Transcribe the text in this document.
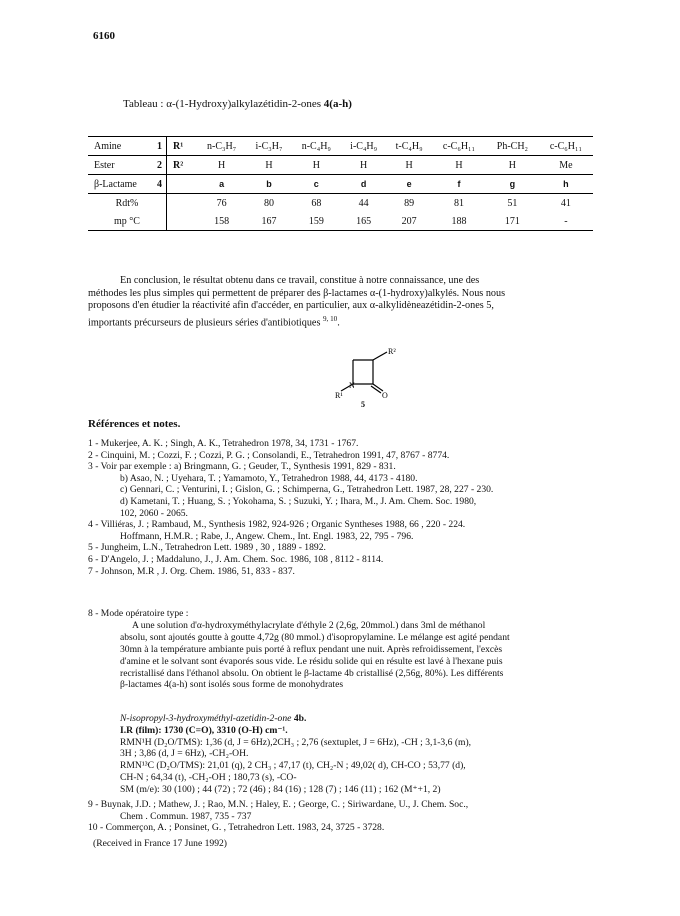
6160
Tableau : α-(1-Hydroxy)alkylazétidin-2-ones 4(a-h)
Amine 1	R¹	n-C₃H₇	i-C₃H₇	n-C₄H₉	i-C₄H₉	t-C₄H₉	c-C₆H₁₁	Ph-CH₂	c-C₆H₁₁
Ester 2	R²	H	H	H	H	H	H	H	Me
β-Lactame 4		a	b	c	d	e	f	g	h
Rdt%		76	80	68	44	89	81	51	41
mp °C		158	167	159	165	207	188	171	-
En conclusion, le résultat obtenu dans ce travail, constitue à notre connaissance, une des
méthodes les plus simples qui permettent de préparer des β-lactames α-(1-hydroxy)alkylés. Nous nous
proposons d'en étudier la réactivité afin d'accéder, en particulier, aux α-alkylidèneazétidin-2-ones 5,
importants précurseurs de plusieurs séries d'antibiotiques $^{9, 10}$.
R²
R¹
N
O
5
Références et notes.
1 - Mukerjee, A. K. ; Singh, A. K., Tetrahedron 1978, 34, 1731 - 1767.
2 - Cinquini, M. ; Cozzi, F. ; Cozzi, P. G. ; Consolandi, E., Tetrahedron 1991, 47, 8767 - 8774.
3 - Voir par exemple : a) Bringmann, G. ; Geuder, T., Synthesis 1991, 829 - 831.
b) Asao, N. ; Uyehara, T. ; Yamamoto, Y., Tetrahedron 1988, 44, 4173 - 4180.
c) Gennari, C. ; Venturini, I. ; Gislon, G. ; Schimperna, G., Tetrahedron Lett. 1987, 28, 227 - 230.
d) Kametani, T. ; Huang, S. ; Yokohama, S. ; Suzuki, Y. ; Ihara, M., J. Am. Chem. Soc. 1980,
102, 2060 - 2065.
4 - Villiéras, J. ; Rambaud, M., Synthesis 1982, 924-926 ; Organic Syntheses 1988, 66 , 220 - 224.
Hoffmann, H.M.R. ; Rabe, J., Angew. Chem., Int. Engl. 1983, 22, 795 - 796.
5 - Jungheim, L.N., Tetrahedron Lett. 1989 , 30 , 1889 - 1892.
6 - D'Angelo, J. ; Maddaluno, J., J. Am. Chem. Soc. 1986, 108 , 8112 - 8114.
7 - Johnson, M.R , J. Org. Chem. 1986, 51, 833 - 837.
8 - Mode opératoire type :
A une solution d'α-hydroxyméthylacrylate d'éthyle 2 (2,6g, 20mmol.) dans 3ml de méthanol
absolu, sont ajoutés goutte à goutte 4,72g (80 mmol.) d'isopropylamine. Le mélange est agité pendant
30mn à la température ambiante puis porté à reflux pendant une nuit. Après refroidissement, l'excès
d'amine et le solvant sont évaporés sous vide. Le résidu solide qui en résulte est lavé à l'hexane puis
recristallisé dans l'éthanol absolu. On obtient le β-lactame 4b cristallisé (2,56g, 80%). Les différents
β-lactames 4(a-h) sont isolés sous forme de monohydrates
N-isopropyl-3-hydroxyméthyl-azetidin-2-one 4b.
I.R (film): 1730 (C=O), 3310 (O-H) cm⁻¹.
RMN¹H (D₂O/TMS): 1,36 (d, J = 6Hz),2CH₃ ; 2,76 (sextuplet, J = 6Hz), -CH ; 3,1-3,6 (m),
3H ; 3,86 (d, J = 6Hz), -CH₂-OH.
RMN¹³C (D₂O/TMS): 21,01 (q), 2 CH₃ ; 47,17 (t), CH₂-N ; 49,02( d), CH-CO ; 53,77 (d),
CH-N ; 64,34 (t), -CH₂-OH ; 180,73 (s), -CO-
SM (m/e): 30 (100) ; 44 (72) ; 72 (46) ; 84 (16) ; 128 (7) ; 146 (11) ; 162 (M⁺+1, 2)
9 - Buynak, J.D. ; Mathew, J. ; Rao, M.N. ; Haley, E. ; George, C. ; Siriwardane, U., J. Chem. Soc.,
Chem . Commun. 1987, 735 - 737
10 - Commerçon, A. ; Ponsinet, G. , Tetrahedron Lett. 1983, 24, 3725 - 3728.
(Received in France 17 June 1992)
